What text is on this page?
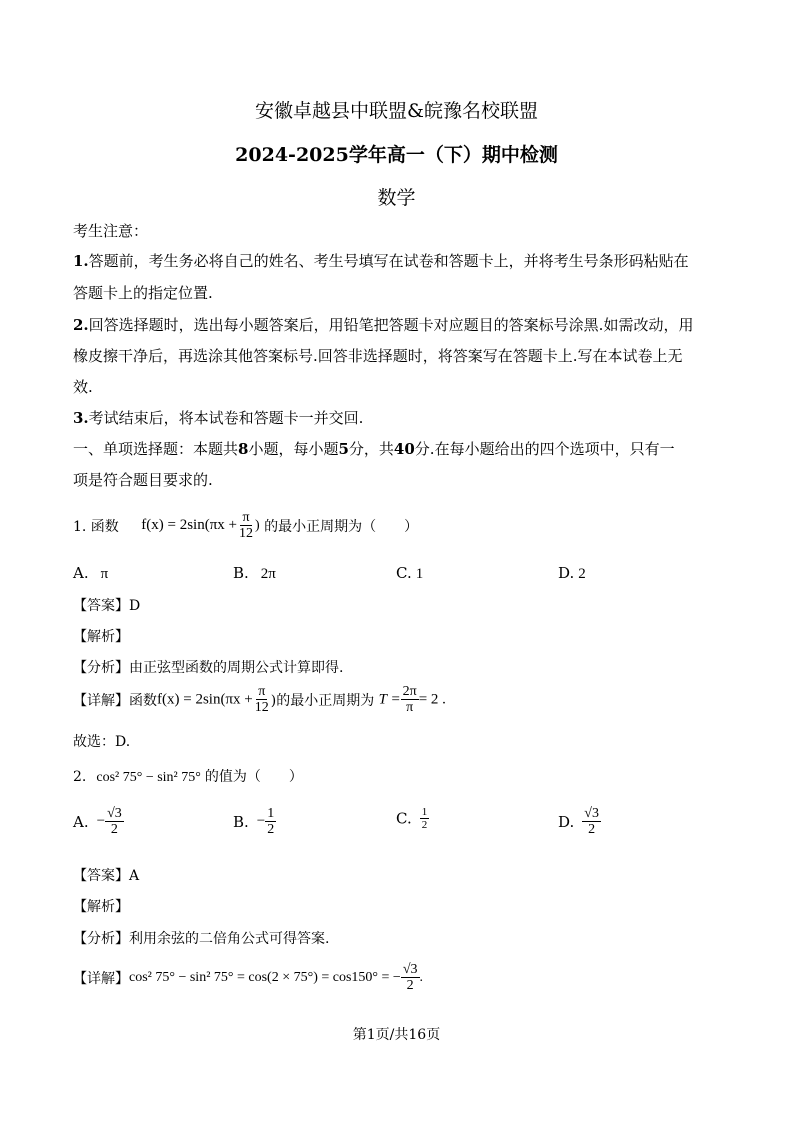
安徽卓越县中联盟&皖豫名校联盟
2024-2025学年高一（下）期中检测
数学
考生注意：
1.答题前，考生务必将自己的姓名、考生号填写在试卷和答题卡上，并将考生号条形码粘贴在
答题卡上的指定位置.
2.回答选择题时，选出每小题答案后，用铅笔把答题卡对应题目的答案标号涂黑.如需改动，用
橡皮擦干净后，再选涂其他答案标号.回答非选择题时，将答案写在答题卡上.写在本试卷上无
效.
3.考试结束后，将本试卷和答题卡一并交回.
一、单项选择题：本题共8小题，每小题5分，共40分.在每小题给出的四个选项中，只有一
项是符合题目要求的.
1. 函数 $f(x) = 2\sin(\pi x + \frac{\pi}{12}$ ) 的最小正周期为（　　）
A. π	B. 2π	C. 1	D. 2
【答案】D
【解析】
【分析】由正弦型函数的周期公式计算即得.
【详解】函数$f(x) = 2\sin(\pi x + \frac{\pi}{12}$ )的最小正周期为 $T = \frac{2\pi}{\pi} = 2$ .
故选：D.
2. cos² 75° − sin² 75° 的值为（　　）
A. − $\frac{√3}{2}$	B. − $\frac{1}{2}$	C. $\frac{1}{2}$	D. $\frac{√3}{2}$
【答案】A
【解析】
【分析】利用余弦的二倍角公式可得答案.
【详解】cos² 75° − sin² 75° = cos(2 × 75°) = cos150° = − $\frac{√3}{2}$ .
第1页/共16页
